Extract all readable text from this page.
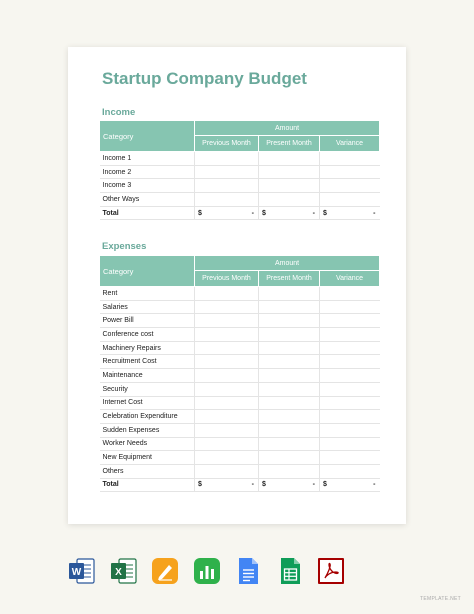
Startup Company Budget
Income
Category	Amount		
	Previous Month	Present Month	Variance
Income 1			
Income 2			
Income 3			
Other Ways			
Total	$ -	$ -	$ -
Expenses
Category	Amount		
	Previous Month	Present Month	Variance
Rent			
Salaries			
Power Bill			
Conference cost			
Machinery Repairs			
Recruitment Cost			
Maintenance			
Security			
Internet Cost			
Celebration Expenditure			
Sudden Expenses			
Worker Needs			
New Equipment			
Others			
Total	$ -	$ -	$ -
W	X
TEMPLATE.NET
